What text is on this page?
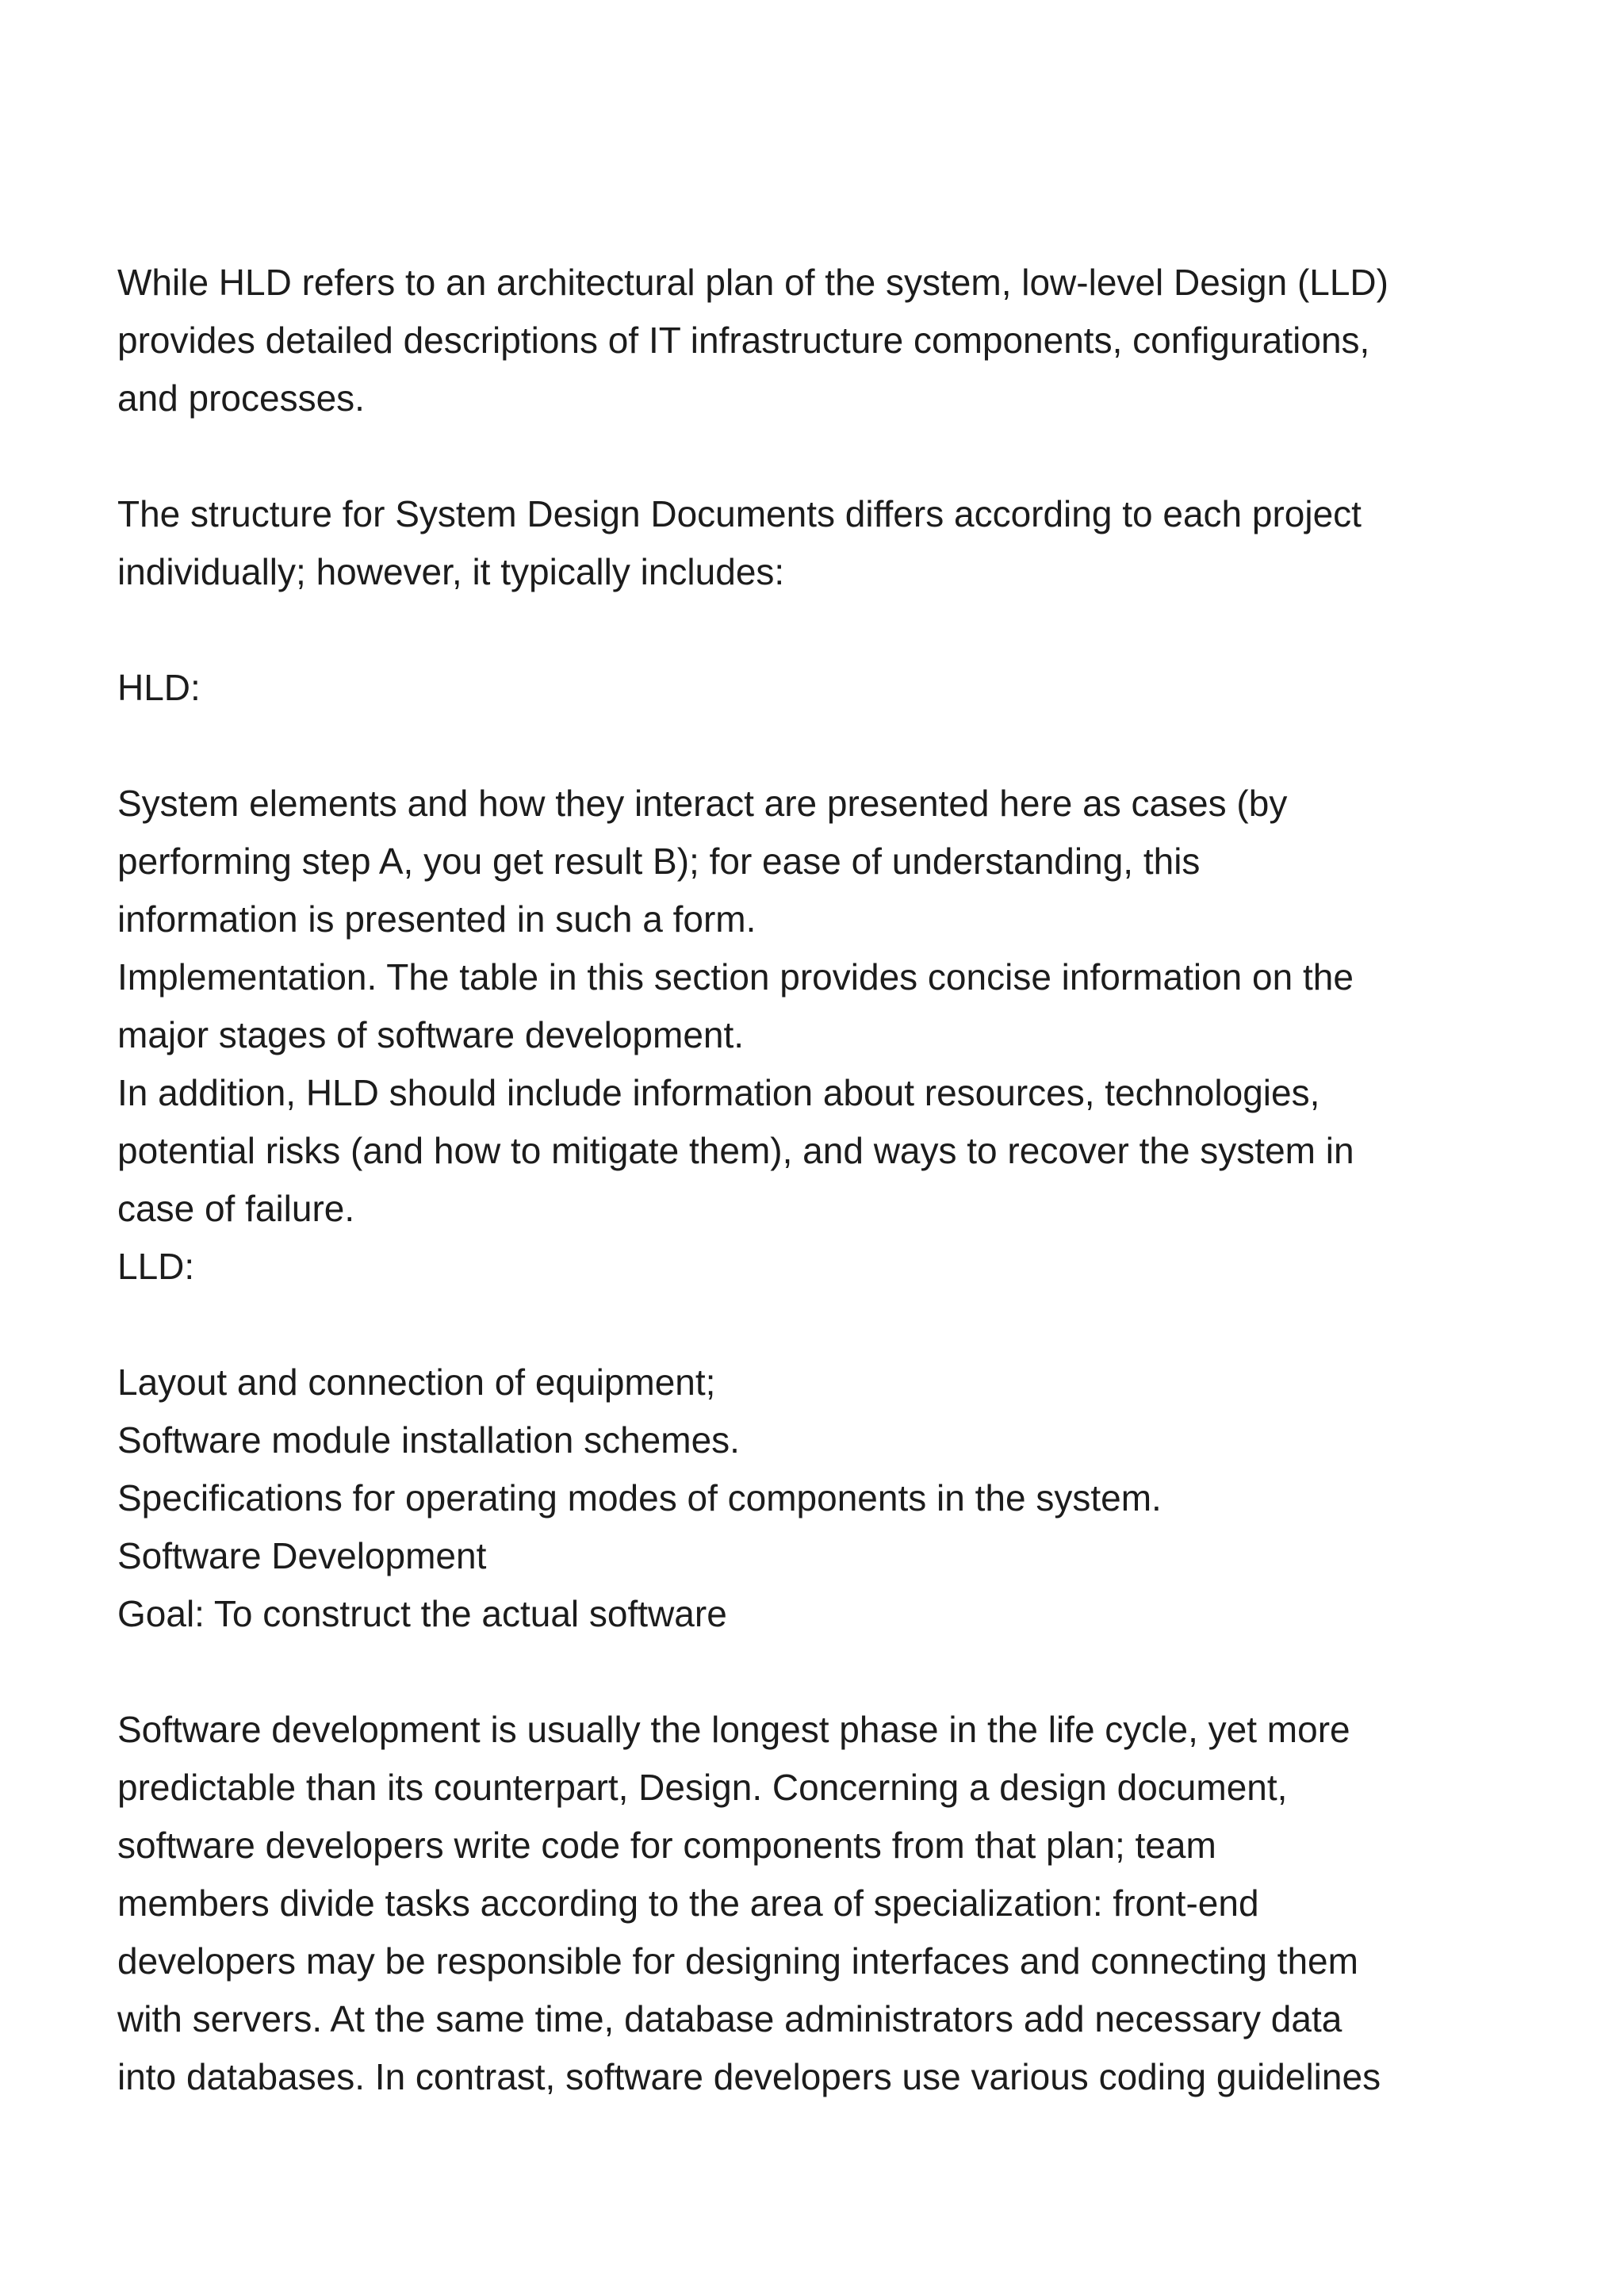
While HLD refers to an architectural plan of the system, low-level Design (LLD)
provides detailed descriptions of IT infrastructure components, configurations,
and processes.
The structure for System Design Documents differs according to each project
individually; however, it typically includes:
HLD:
System elements and how they interact are presented here as cases (by
performing step A, you get result B); for ease of understanding, this
information is presented in such a form.
Implementation. The table in this section provides concise information on the
major stages of software development.
In addition, HLD should include information about resources, technologies,
potential risks (and how to mitigate them), and ways to recover the system in
case of failure.
LLD:
Layout and connection of equipment;
Software module installation schemes.
Specifications for operating modes of components in the system.
Software Development
Goal: To construct the actual software
Software development is usually the longest phase in the life cycle, yet more
predictable than its counterpart, Design. Concerning a design document,
software developers write code for components from that plan; team
members divide tasks according to the area of specialization: front-end
developers may be responsible for designing interfaces and connecting them
with servers. At the same time, database administrators add necessary data
into databases. In contrast, software developers use various coding guidelines
